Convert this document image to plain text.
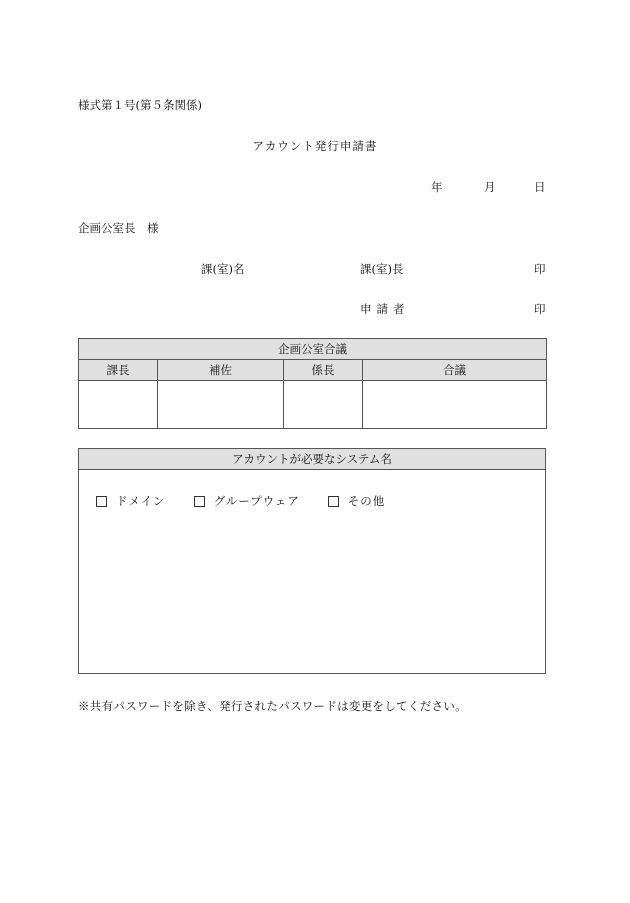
様式第１号(第５条関係)
アカウント発行申請書
年	月	日
企画公室長　様
課(室)名	課(室)長	印
申請者	印
企画公室合議			
課長	補佐	係長	合議

アカウントが必要なシステム名
ドメイン	グループウェア	その他
※共有パスワードを除き、発行されたパスワードは変更をしてください。
